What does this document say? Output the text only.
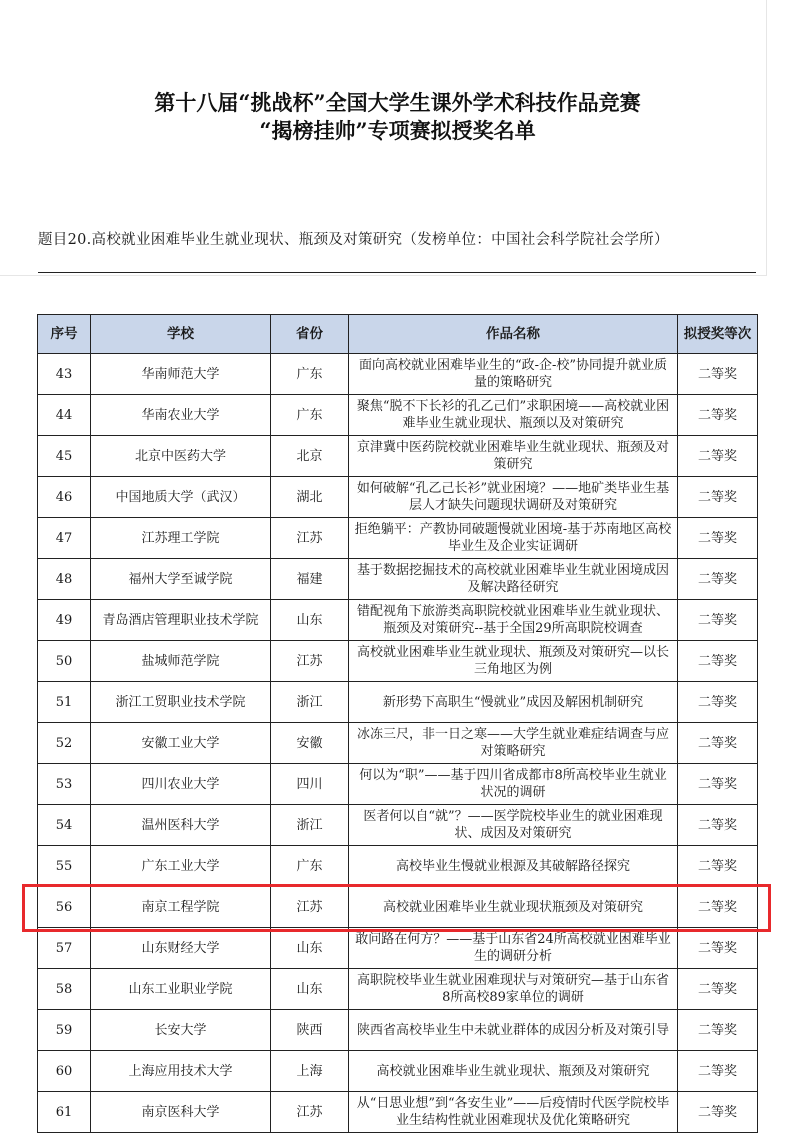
第十八届“挑战杯”全国大学生课外学术科技作品竞赛
“揭榜挂帅”专项赛拟授奖名单
题目20.高校就业困难毕业生就业现状、瓶颈及对策研究（发榜单位：中国社会科学院社会学所）
序号	学校	省份	作品名称	拟授奖等次
43	华南师范大学	广东	面向高校就业困难毕业生的“政-企-校”协同提升就业质量的策略研究	二等奖
44	华南农业大学	广东	聚焦“脱不下长衫的孔乙己们”求职困境——高校就业困难毕业生就业现状、瓶颈以及对策研究	二等奖
45	北京中医药大学	北京	京津冀中医药院校就业困难毕业生就业现状、瓶颈及对策研究	二等奖
46	中国地质大学（武汉）	湖北	如何破解“孔乙己长衫”就业困境？——地矿类毕业生基层人才缺失问题现状调研及对策研究	二等奖
47	江苏理工学院	江苏	拒绝躺平：产教协同破题慢就业困境-基于苏南地区高校毕业生及企业实证调研	二等奖
48	福州大学至诚学院	福建	基于数据挖掘技术的高校就业困难毕业生就业困境成因及解决路径研究	二等奖
49	青岛酒店管理职业技术学院	山东	错配视角下旅游类高职院校就业困难毕业生就业现状、瓶颈及对策研究--基于全国29所高职院校调查	二等奖
50	盐城师范学院	江苏	高校就业困难毕业生就业现状、瓶颈及对策研究—以长三角地区为例	二等奖
51	浙江工贸职业技术学院	浙江	新形势下高职生“慢就业”成因及解困机制研究	二等奖
52	安徽工业大学	安徽	冰冻三尺，非一日之寒——大学生就业难症结调查与应对策略研究	二等奖
53	四川农业大学	四川	何以为“职”——基于四川省成都市8所高校毕业生就业状况的调研	二等奖
54	温州医科大学	浙江	医者何以自“就”？——医学院校毕业生的就业困难现状、成因及对策研究	二等奖
55	广东工业大学	广东	高校毕业生慢就业根源及其破解路径探究	二等奖
56	南京工程学院	江苏	高校就业困难毕业生就业现状瓶颈及对策研究	二等奖
57	山东财经大学	山东	敢问路在何方？——基于山东省24所高校就业困难毕业生的调研分析	二等奖
58	山东工业职业学院	山东	高职院校毕业生就业困难现状与对策研究—基于山东省8所高校89家单位的调研	二等奖
59	长安大学	陕西	陕西省高校毕业生中未就业群体的成因分析及对策引导	二等奖
60	上海应用技术大学	上海	高校就业困难毕业生就业现状、瓶颈及对策研究	二等奖
61	南京医科大学	江苏	从“日思业想”到“各安生业”——后疫情时代医学院校毕业生结构性就业困难现状及优化策略研究	二等奖
